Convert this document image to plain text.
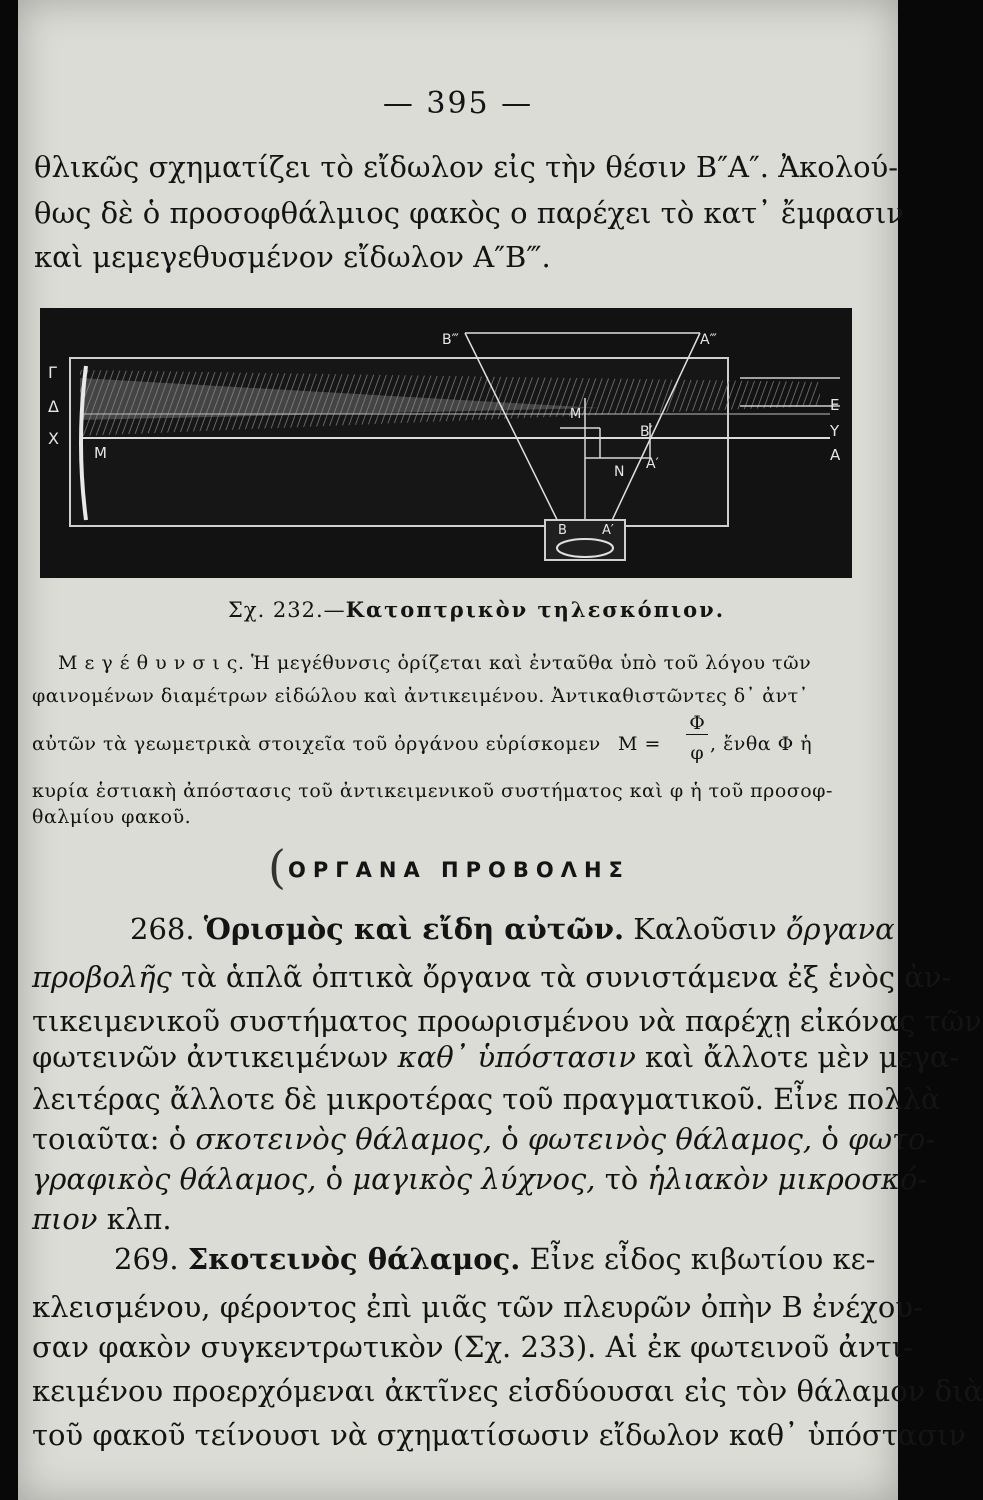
— 395 —
θλικῶς σχηματίζει τὸ εἴδωλον εἰς τὴν θέσιν Β″Α″. Ἀκολού-
θως δὲ ὁ προσοφθάλμιος φακὸς ο παρέχει τὸ κατ᾽ ἔμφασιν
καὶ μεμεγεθυσμένον εἴδωλον Α″Β‴.
Γ
Δ
Χ
M
B‴	A‴
M
B′
N A′
E
Y
A
B	A′
Σχ. 232.—Κατοπτρικὸν τηλεσκόπιον.
Μ ε γ έ θ υ ν σ ι ς. Ἡ μεγέθυνσις ὁρίζεται καὶ ἐνταῦθα ὑπὸ τοῦ λόγου τῶν
φαινομένων διαμέτρων εἰδώλου καὶ ἀντικειμένου. Ἀντικαθιστῶντες δ᾽ ἀντ᾽
αὐτῶν τὰ γεωμετρικὰ στοιχεῖα τοῦ ὀργάνου εὑρίσκομεν Μ =
Φ
φ , ἔνθα Φ ἡ
κυρία ἑστιακὴ ἀπόστασις τοῦ ἀντικειμενικοῦ συστήματος καὶ φ ἡ τοῦ προσοφ-
θαλμίου φακοῦ.
( ΟΡΓΑΝΑ ΠΡΟΒΟΛΗΣ
268. Ὁρισμὸς καὶ εἴδη αὐτῶν. Καλοῦσιν ὄργανα
προβολῆς τὰ ἁπλᾶ ὀπτικὰ ὄργανα τὰ συνιστάμενα ἐξ ἑνὸς ἀν-
τικειμενικοῦ συστήματος προωρισμένου νὰ παρέχῃ εἰκόνας τῶν
φωτεινῶν ἀντικειμένων καθ᾽ ὑπόστασιν καὶ ἄλλοτε μὲν μεγα-
λειτέρας ἄλλοτε δὲ μικροτέρας τοῦ πραγματικοῦ. Εἶνε πολλὰ
τοιαῦτα: ὁ σκοτεινὸς θάλαμος, ὁ φωτεινὸς θάλαμος, ὁ φωτο-
γραφικὸς θάλαμος, ὁ μαγικὸς λύχνος, τὸ ἡλιακὸν μικροσκό-
πιον κλπ.
269. Σκοτεινὸς θάλαμος. Εἶνε εἶδος κιβωτίου κε-
κλεισμένου, φέροντος ἐπὶ μιᾶς τῶν πλευρῶν ὀπὴν Β ἐνέχου-
σαν φακὸν συγκεντρωτικὸν (Σχ. 233). Αἱ ἐκ φωτεινοῦ ἀντι-
κειμένου προερχόμεναι ἀκτῖνες εἰσδύουσαι εἰς τὸν θάλαμον διὰ
τοῦ φακοῦ τείνουσι νὰ σχηματίσωσιν εἴδωλον καθ᾽ ὑπόστασιν
